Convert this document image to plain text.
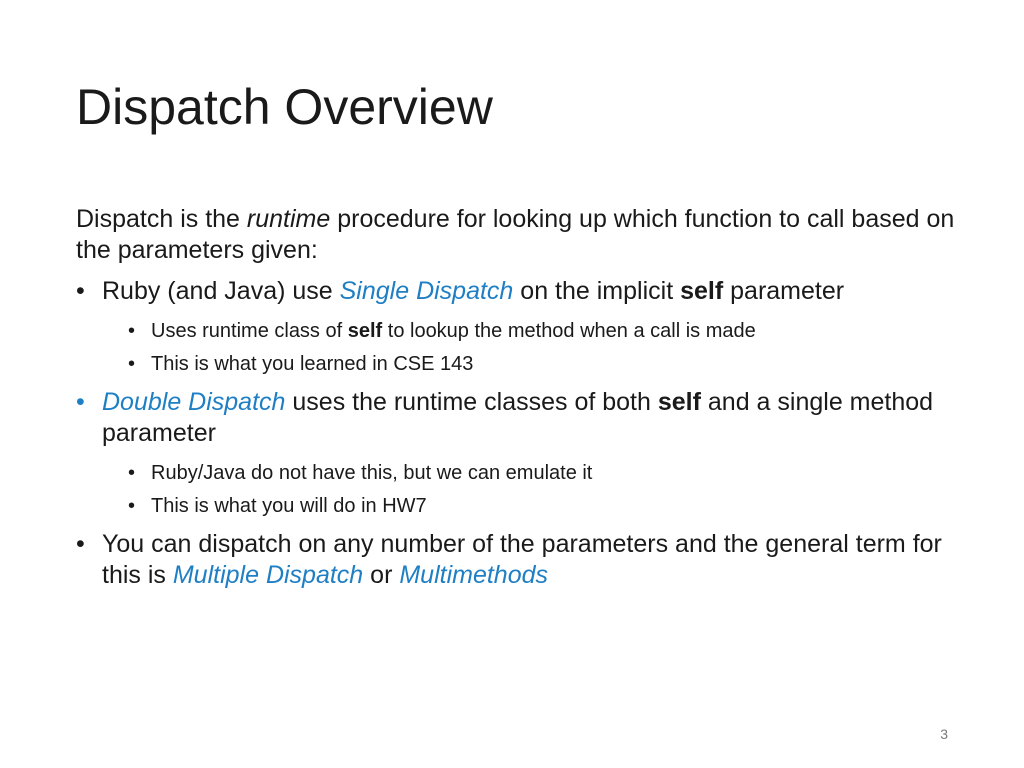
Dispatch Overview

Dispatch is the runtime procedure for looking up which function to call based on the parameters given:

• Ruby (and Java) use Single Dispatch on the implicit self parameter
• Uses runtime class of self to lookup the method when a call is made
• This is what you learned in CSE 143
• Double Dispatch uses the runtime classes of both self and a single method parameter
• Ruby/Java do not have this, but we can emulate it
• This is what you will do in HW7
• You can dispatch on any number of the parameters and the general term for this is Multiple Dispatch or Multimethods
3
